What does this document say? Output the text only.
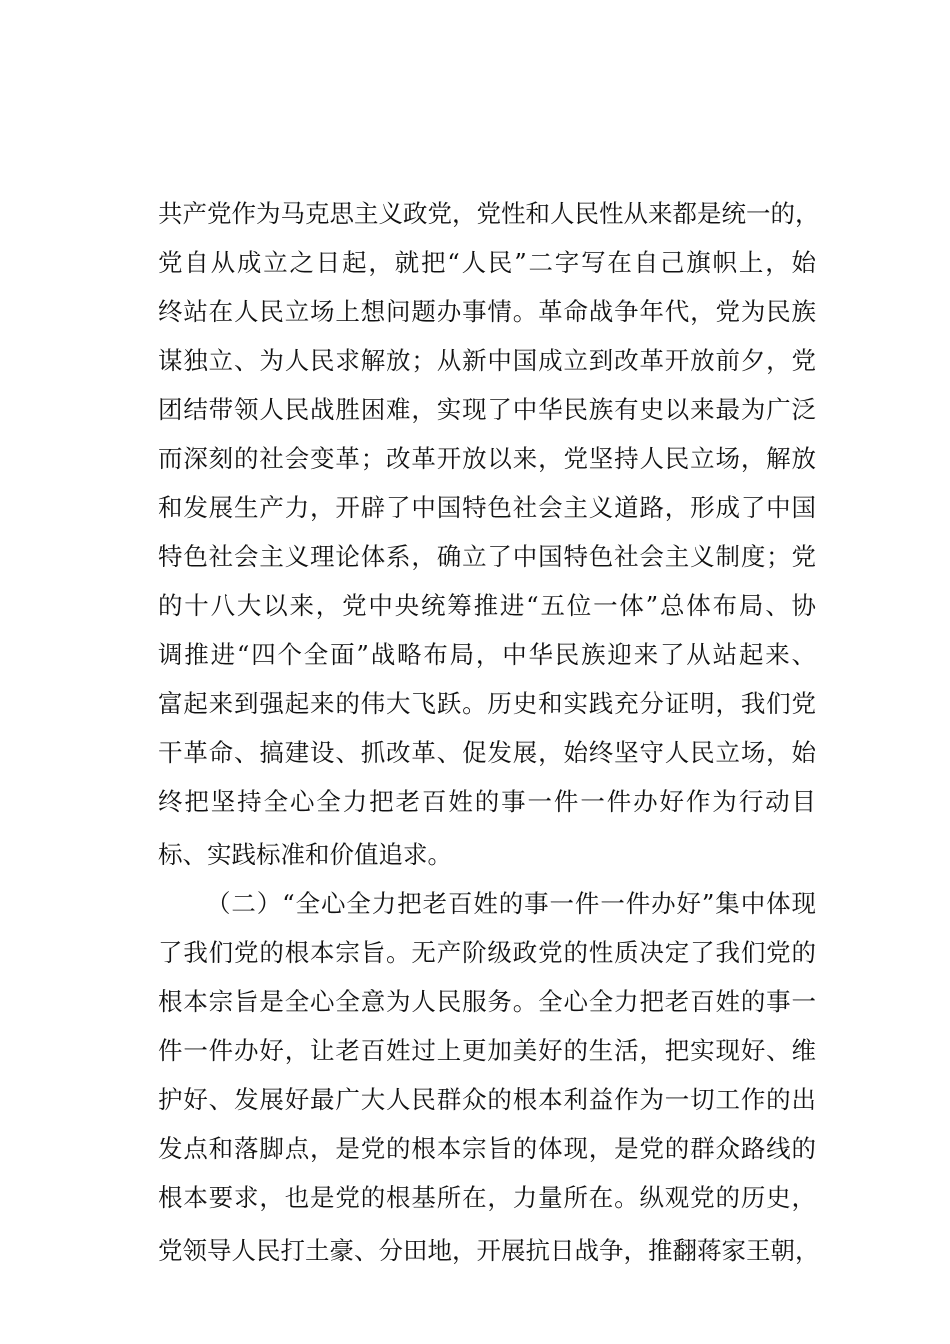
共产党作为马克思主义政党，党性和人民性从来都是统一的，
党自从成立之日起，就把“人民”二字写在自己旗帜上，始
终站在人民立场上想问题办事情。革命战争年代，党为民族
谋独立、为人民求解放；从新中国成立到改革开放前夕，党
团结带领人民战胜困难，实现了中华民族有史以来最为广泛
而深刻的社会变革；改革开放以来，党坚持人民立场，解放
和发展生产力，开辟了中国特色社会主义道路，形成了中国
特色社会主义理论体系，确立了中国特色社会主义制度；党
的十八大以来，党中央统筹推进“五位一体”总体布局、协
调推进“四个全面”战略布局，中华民族迎来了从站起来、
富起来到强起来的伟大飞跃。历史和实践充分证明，我们党
干革命、搞建设、抓改革、促发展，始终坚守人民立场，始
终把坚持全心全力把老百姓的事一件一件办好作为行动目
标、实践标准和价值追求。
（二）“全心全力把老百姓的事一件一件办好”集中体现
了我们党的根本宗旨。无产阶级政党的性质决定了我们党的
根本宗旨是全心全意为人民服务。全心全力把老百姓的事一
件一件办好，让老百姓过上更加美好的生活，把实现好、维
护好、发展好最广大人民群众的根本利益作为一切工作的出
发点和落脚点，是党的根本宗旨的体现，是党的群众路线的
根本要求，也是党的根基所在，力量所在。纵观党的历史，
党领导人民打土豪、分田地，开展抗日战争，推翻蒋家王朝，
